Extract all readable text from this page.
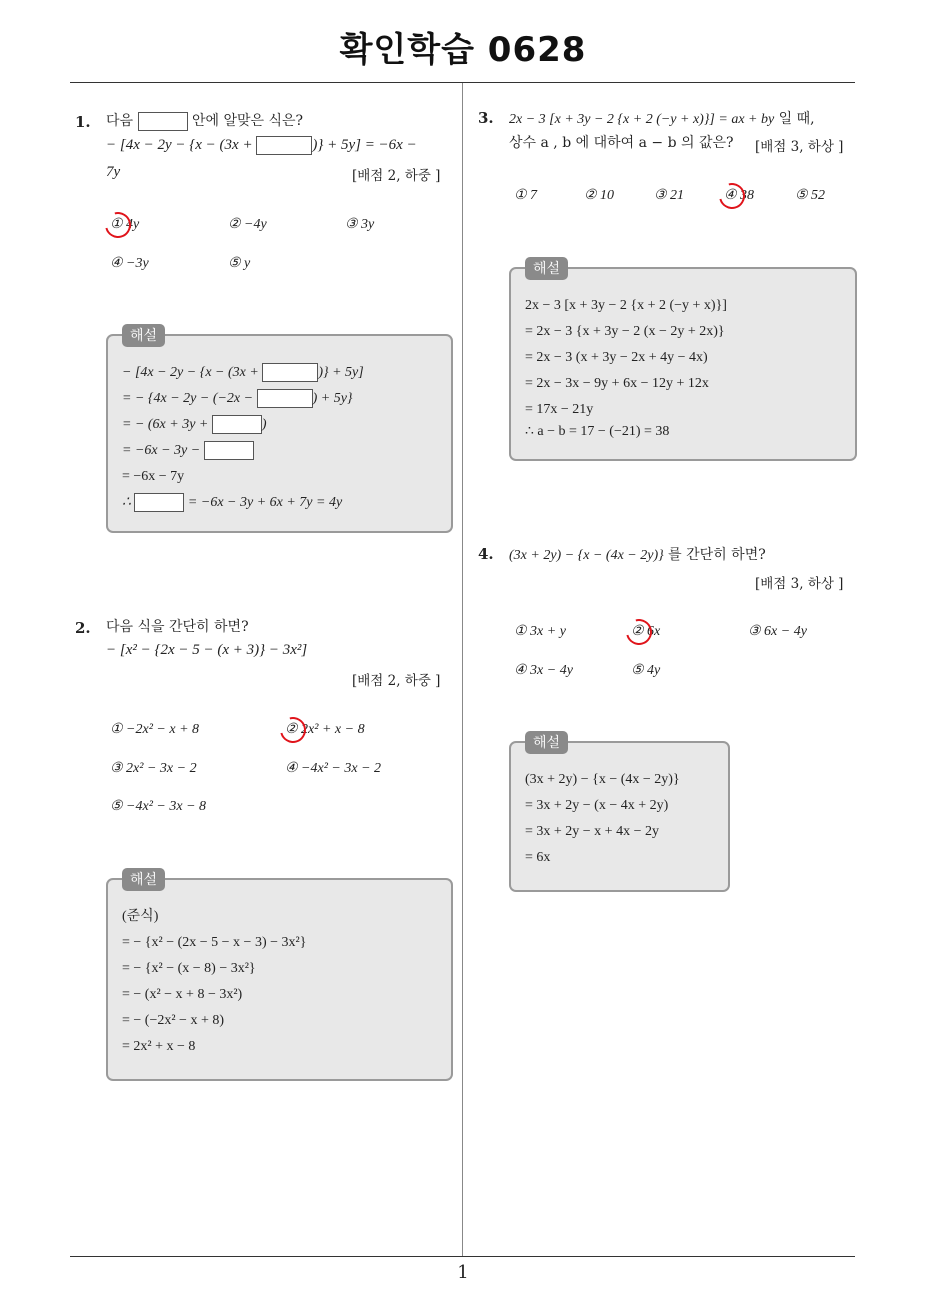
확인학습 0628
1
1. 다음	안에 알맞은 식은?
− [4x − 2y − {x − (3x +	)} + 5y] = −6x −
7y	[배점 2, 하중 ]
① 4y	② −4y	③ 3y
④ −3y	⑤ y
해설
− [4x − 2y − {x − (3x +	)} + 5y]
= − {4x − 2y − (−2x −	) + 5y}
= − (6x + 3y +	)
= −6x − 3y −
= −6x − 7y
∴	= −6x − 3y + 6x + 7y = 4y
2. 다음 식을 간단히 하면?
− [x² − {2x − 5 − (x + 3)} − 3x²]
[배점 2, 하중 ]
① −2x² − x + 8	② 2x² + x − 8
③ 2x² − 3x − 2	④ −4x² − 3x − 2
⑤ −4x² − 3x − 8
해설
(준식)
= − {x² − (2x − 5 − x − 3) − 3x²}
= − {x² − (x − 8) − 3x²}
= − (x² − x + 8 − 3x²)
= − (−2x² − x + 8)
= 2x² + x − 8
3. 2x − 3 [x + 3y − 2 {x + 2 (−y + x)}] = ax + by 일 때,
상수 a , b 에 대하여 a − b 의 값은? [배점 3, 하상 ]
① 7	② 10	③ 21	④ 38	⑤ 52
해설
2x − 3 [x + 3y − 2 {x + 2 (−y + x)}]
= 2x − 3 {x + 3y − 2 (x − 2y + 2x)}
= 2x − 3 (x + 3y − 2x + 4y − 4x)
= 2x − 3x − 9y + 6x − 12y + 12x
= 17x − 21y
∴ a − b = 17 − (−21) = 38
4. (3x + 2y) − {x − (4x − 2y)} 를 간단히 하면?
[배점 3, 하상 ]
① 3x + y	② 6x	③ 6x − 4y
④ 3x − 4y	⑤ 4y
해설
(3x + 2y) − {x − (4x − 2y)}
= 3x + 2y − (x − 4x + 2y)
= 3x + 2y − x + 4x − 2y
= 6x
